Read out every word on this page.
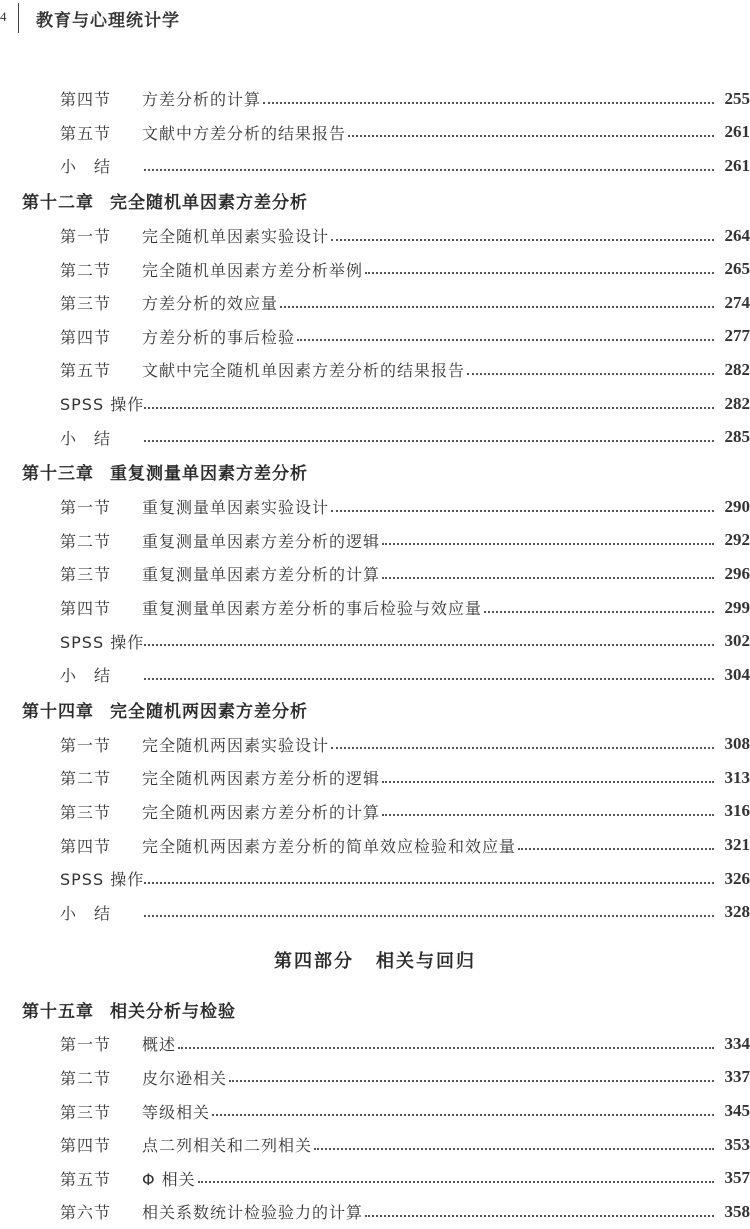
4 教育与心理统计学
第四节	方差分析的计算	255
第五节	文献中方差分析的结果报告	261
小　结	261
第十二章 完全随机单因素方差分析
第一节	完全随机单因素实验设计	264
第二节	完全随机单因素方差分析举例	265
第三节	方差分析的效应量	274
第四节	方差分析的事后检验	277
第五节	文献中完全随机单因素方差分析的结果报告	282
SPSS 操作	282
小　结	285
第十三章 重复测量单因素方差分析
第一节	重复测量单因素实验设计	290
第二节	重复测量单因素方差分析的逻辑	292
第三节	重复测量单因素方差分析的计算	296
第四节	重复测量单因素方差分析的事后检验与效应量	299
SPSS 操作	302
小　结	304
第十四章 完全随机两因素方差分析
第一节	完全随机两因素实验设计	308
第二节	完全随机两因素方差分析的逻辑	313
第三节	完全随机两因素方差分析的计算	316
第四节	完全随机两因素方差分析的简单效应检验和效应量	321
SPSS 操作	326
小　结	328
第四部分 相关与回归
第十五章 相关分析与检验
第一节	概述	334
第二节	皮尔逊相关	337
第三节	等级相关	345
第四节	点二列相关和二列相关	353
第五节	Φ 相关	357
第六节	相关系数统计检验验力的计算	358
